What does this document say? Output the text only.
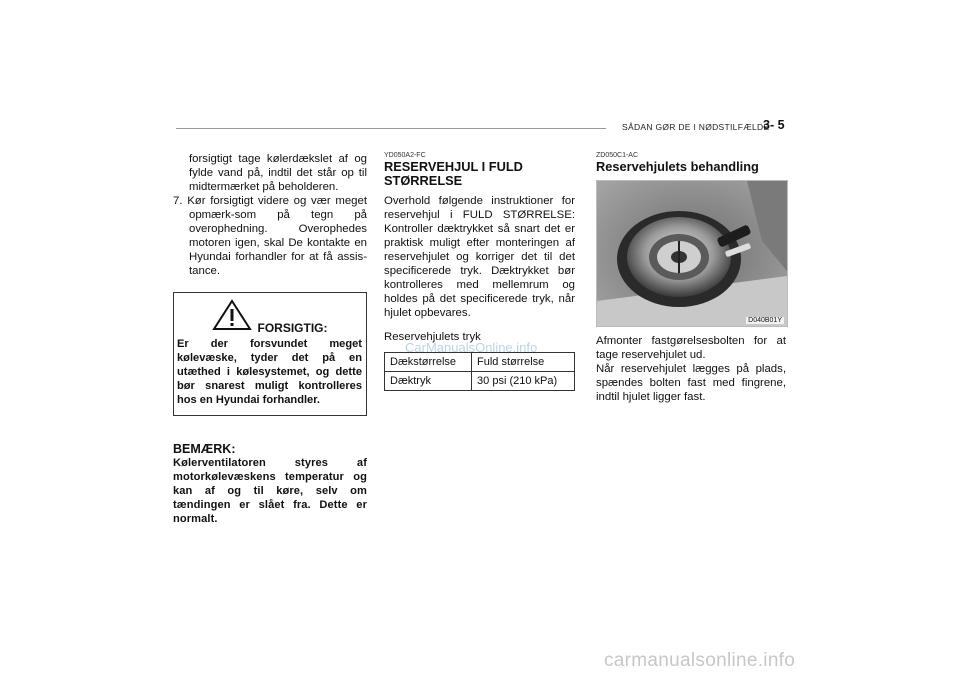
SÅDAN GØR DE I NØDSTILFÆLDE
3- 5
forsigtigt tage kølerdækslet af og fylde vand på, indtil det står op til midtermærket på beholderen.
7. Kør forsigtigt videre og vær meget opmærk-som på tegn på overophedning. Overophedes motoren igen, skal De kontakte en Hyundai forhandler for at få assis-tance.
FORSIGTIG:
Er der forsvundet meget kølevæske, tyder det på en utæthed i kølesystemet, og dette bør snarest muligt kontrolleres hos en Hyundai forhandler.
BEMÆRK:
Kølerventilatoren styres af motorkølevæskens temperatur og kan af og til køre, selv om tændingen er slået fra. Dette er normalt.
YD050A2-FC
RESERVEHJUL I FULD STØRRELSE
Overhold følgende instruktioner for reservehjul i FULD STØRRELSE: Kontroller dæktrykket så snart det er praktisk muligt efter monteringen af reservehjulet og korriger det til det specificerede tryk. Dæktrykket bør kontrolleres med mellemrum og holdes på det specificerede tryk, når hjulet opbevares.
Reservehjulets tryk
Dækstørrelse	Fuld størrelse
Dæktryk	30 psi (210 kPa)
ZD050C1-AC
Reservehjulets behandling
D040B01Y
Afmonter fastgørelsesbolten for at tage reservehjulet ud.
Når reservehjulet lægges på plads, spændes bolten fast med fingrene, indtil hjulet ligger fast.
CarManualsOnline.info
carmanualsonline.info
